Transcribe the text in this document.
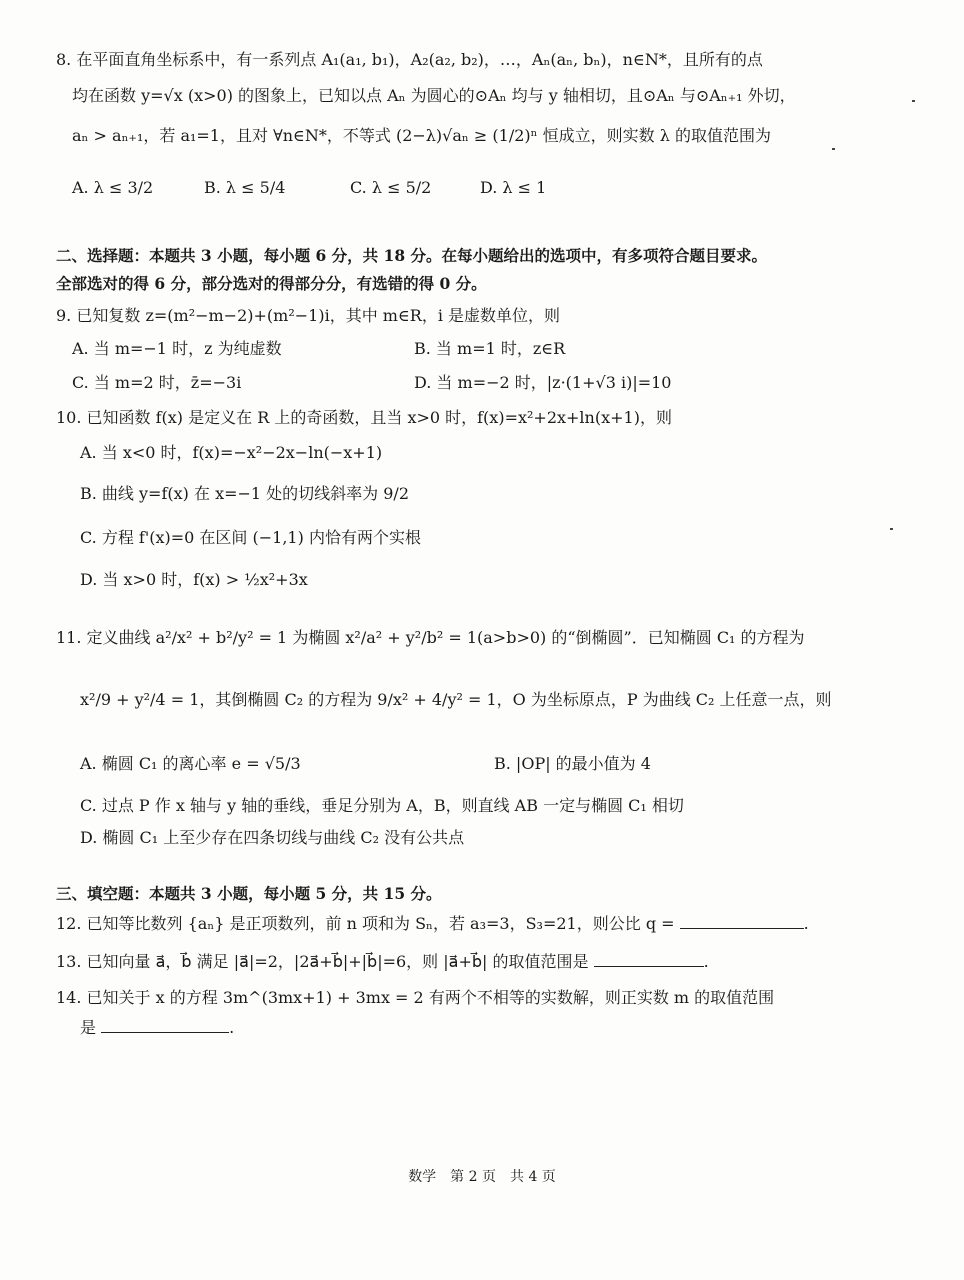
8. 在平面直角坐标系中，有一系列点 A₁(a₁, b₁)，A₂(a₂, b₂)，…，Aₙ(aₙ, bₙ)，n∈N*，且所有的点
均在函数 y=√x (x>0) 的图象上，已知以点 Aₙ 为圆心的⊙Aₙ 均与 y 轴相切，且⊙Aₙ 与⊙Aₙ₊₁ 外切，
aₙ > aₙ₊₁，若 a₁=1，且对 ∀n∈N*，不等式 (2−λ)√aₙ ≥ (1/2)ⁿ 恒成立，则实数 λ 的取值范围为
A. λ ≤ 3/2	B. λ ≤ 5/4	C. λ ≤ 5/2	D. λ ≤ 1
二、选择题：本题共 3 小题，每小题 6 分，共 18 分。在每小题给出的选项中，有多项符合题目要求。
全部选对的得 6 分，部分选对的得部分分，有选错的得 0 分。
9. 已知复数 z=(m²−m−2)+(m²−1)i，其中 m∈R，i 是虚数单位，则
A. 当 m=−1 时，z 为纯虚数	B. 当 m=1 时，z∈R
C. 当 m=2 时，z̄=−3i	D. 当 m=−2 时，|z·(1+√3 i)|=10
10. 已知函数 f(x) 是定义在 R 上的奇函数，且当 x>0 时，f(x)=x²+2x+ln(x+1)，则
A. 当 x<0 时，f(x)=−x²−2x−ln(−x+1)
B. 曲线 y=f(x) 在 x=−1 处的切线斜率为 9/2
C. 方程 f'(x)=0 在区间 (−1,1) 内恰有两个实根
D. 当 x>0 时，f(x) > ½x²+3x
11. 定义曲线 a²/x² + b²/y² = 1 为椭圆 x²/a² + y²/b² = 1(a>b>0) 的“倒椭圆”．已知椭圆 C₁ 的方程为
x²/9 + y²/4 = 1，其倒椭圆 C₂ 的方程为 9/x² + 4/y² = 1，O 为坐标原点，P 为曲线 C₂ 上任意一点，则
A. 椭圆 C₁ 的离心率 e = √5/3	B. |OP| 的最小值为 4
C. 过点 P 作 x 轴与 y 轴的垂线，垂足分别为 A，B，则直线 AB 一定与椭圆 C₁ 相切
D. 椭圆 C₁ 上至少存在四条切线与曲线 C₂ 没有公共点
三、填空题：本题共 3 小题，每小题 5 分，共 15 分。
12. 已知等比数列 {aₙ} 是正项数列，前 n 项和为 Sₙ，若 a₃=3，S₃=21，则公比 q =	.
13. 已知向量 a⃗，b⃗ 满足 |a⃗|=2，|2a⃗+b⃗|+|b⃗|=6，则 |a⃗+b⃗| 的取值范围是	.
14. 已知关于 x 的方程 3m^(3mx+1) + 3mx = 2 有两个不相等的实数解，则正实数 m 的取值范围
是	.
数学　第 2 页　共 4 页
